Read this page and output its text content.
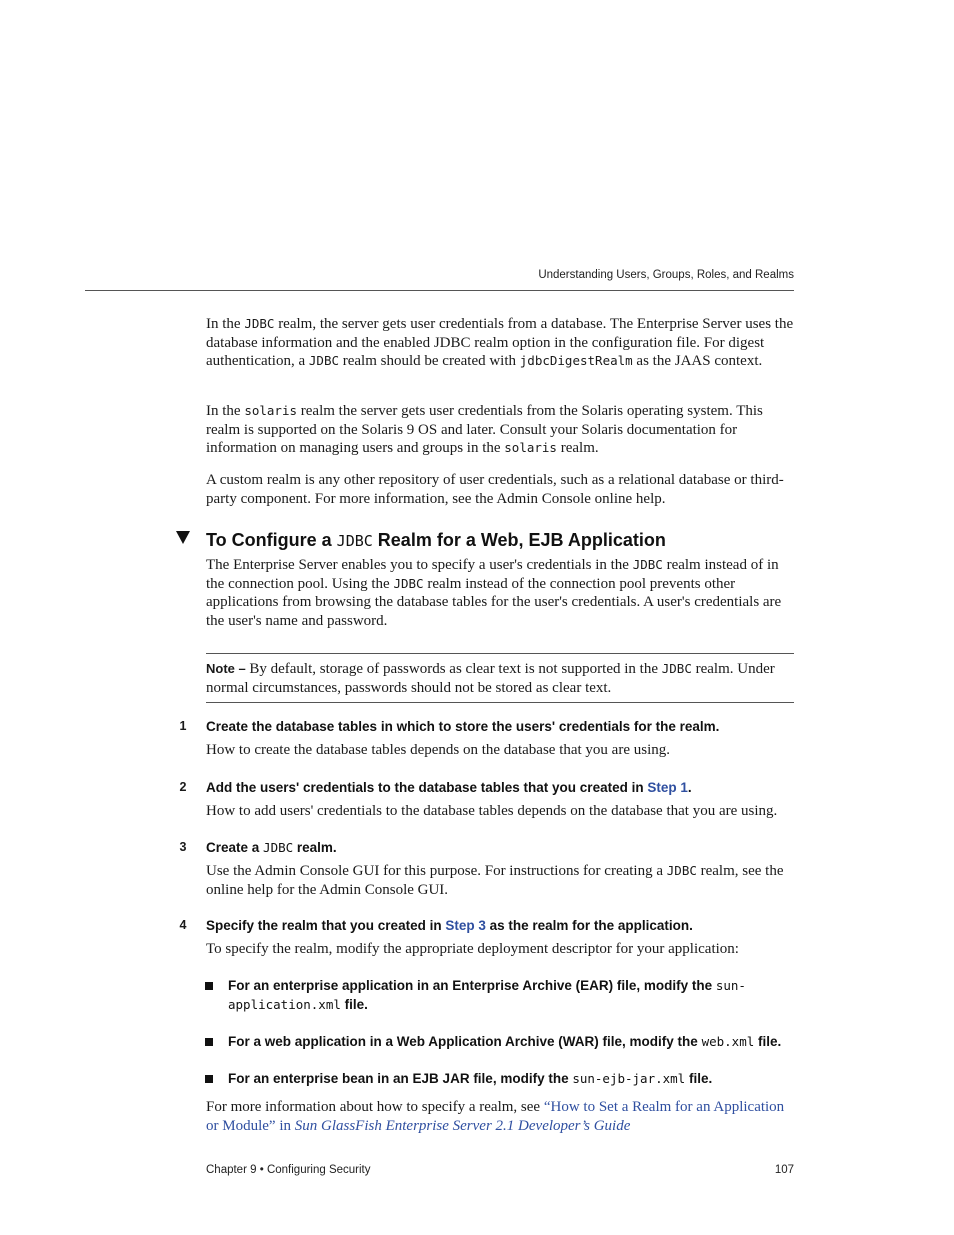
Understanding Users, Groups, Roles, and Realms

In the JDBC realm, the server gets user credentials from a database. The Enterprise Server uses the database information and the enabled JDBC realm option in the configuration file. For digest authentication, a JDBC realm should be created with jdbcDigestRealm as the JAAS context.

In the solaris realm the server gets user credentials from the Solaris operating system. This realm is supported on the Solaris 9 OS and later. Consult your Solaris documentation for information on managing users and groups in the solaris realm.

A custom realm is any other repository of user credentials, such as a relational database or third-party component. For more information, see the Admin Console online help.

To Configure a JDBC Realm for a Web, EJB Application

The Enterprise Server enables you to specify a user's credentials in the JDBC realm instead of in the connection pool. Using the JDBC realm instead of the connection pool prevents other applications from browsing the database tables for the user's credentials. A user's credentials are the user's name and password.

Note – By default, storage of passwords as clear text is not supported in the JDBC realm. Under normal circumstances, passwords should not be stored as clear text.

1	Create the database tables in which to store the users' credentials for the realm.

How to create the database tables depends on the database that you are using.

2	Add the users' credentials to the database tables that you created in Step 1.

How to add users' credentials to the database tables depends on the database that you are using.

3	Create a JDBC realm.

Use the Admin Console GUI for this purpose. For instructions for creating a JDBC realm, see the online help for the Admin Console GUI.

4	Specify the realm that you created in Step 3 as the realm for the application.

To specify the realm, modify the appropriate deployment descriptor for your application:

For an enterprise application in an Enterprise Archive (EAR) file, modify the sun-application.xml file.
For a web application in a Web Application Archive (WAR) file, modify the web.xml file.
For an enterprise bean in an EJB JAR file, modify the sun-ejb-jar.xml file.

For more information about how to specify a realm, see “How to Set a Realm for an Application or Module” in Sun GlassFish Enterprise Server 2.1 Developer’s Guide

Chapter 9 • Configuring Security	107
